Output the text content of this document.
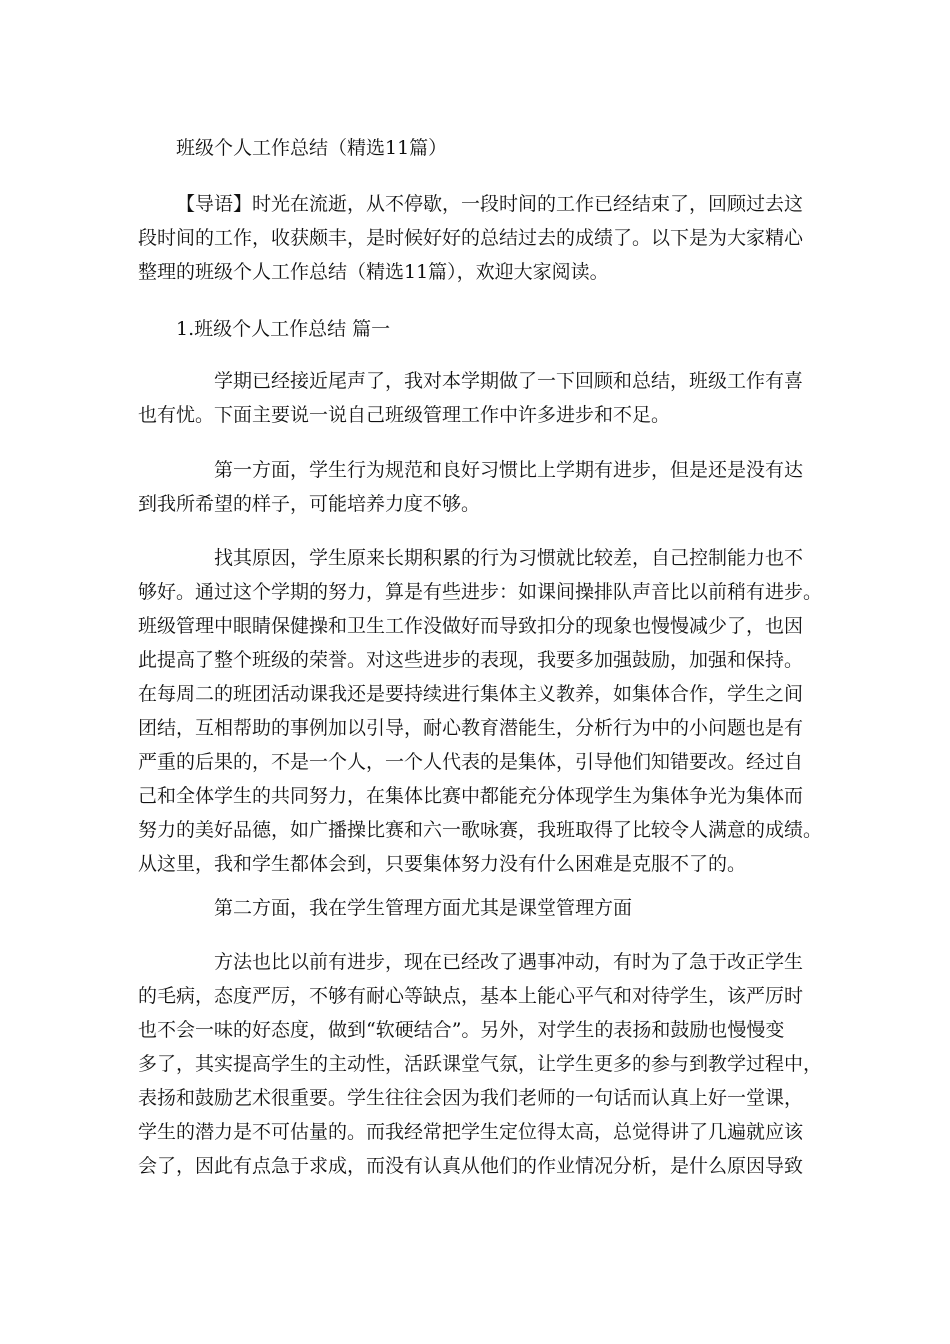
班级个人工作总结（精选11篇）
【导语】时光在流逝，从不停歇，一段时间的工作已经结束了，回顾过去这
段时间的工作，收获颇丰，是时候好好的总结过去的成绩了。以下是为大家精心
整理的班级个人工作总结（精选11篇），欢迎大家阅读。
1.班级个人工作总结 篇一
学期已经接近尾声了，我对本学期做了一下回顾和总结，班级工作有喜
也有忧。下面主要说一说自己班级管理工作中许多进步和不足。
第一方面，学生行为规范和良好习惯比上学期有进步，但是还是没有达
到我所希望的样子，可能培养力度不够。
找其原因，学生原来长期积累的行为习惯就比较差，自己控制能力也不
够好。通过这个学期的努力，算是有些进步：如课间操排队声音比以前稍有进步。
班级管理中眼睛保健操和卫生工作没做好而导致扣分的现象也慢慢减少了，也因
此提高了整个班级的荣誉。对这些进步的表现，我要多加强鼓励，加强和保持。
在每周二的班团活动课我还是要持续进行集体主义教养，如集体合作，学生之间
团结，互相帮助的事例加以引导，耐心教育潜能生，分析行为中的小问题也是有
严重的后果的，不是一个人，一个人代表的是集体，引导他们知错要改。经过自
己和全体学生的共同努力，在集体比赛中都能充分体现学生为集体争光为集体而
努力的美好品德，如广播操比赛和六一歌咏赛，我班取得了比较令人满意的成绩。
从这里，我和学生都体会到，只要集体努力没有什么困难是克服不了的。
第二方面，我在学生管理方面尤其是课堂管理方面
方法也比以前有进步，现在已经改了遇事冲动，有时为了急于改正学生
的毛病，态度严厉，不够有耐心等缺点，基本上能心平气和对待学生，该严厉时
也不会一味的好态度，做到“软硬结合”。另外，对学生的表扬和鼓励也慢慢变
多了，其实提高学生的主动性，活跃课堂气氛，让学生更多的参与到教学过程中，
表扬和鼓励艺术很重要。学生往往会因为我们老师的一句话而认真上好一堂课，
学生的潜力是不可估量的。而我经常把学生定位得太高，总觉得讲了几遍就应该
会了，因此有点急于求成，而没有认真从他们的作业情况分析，是什么原因导致
